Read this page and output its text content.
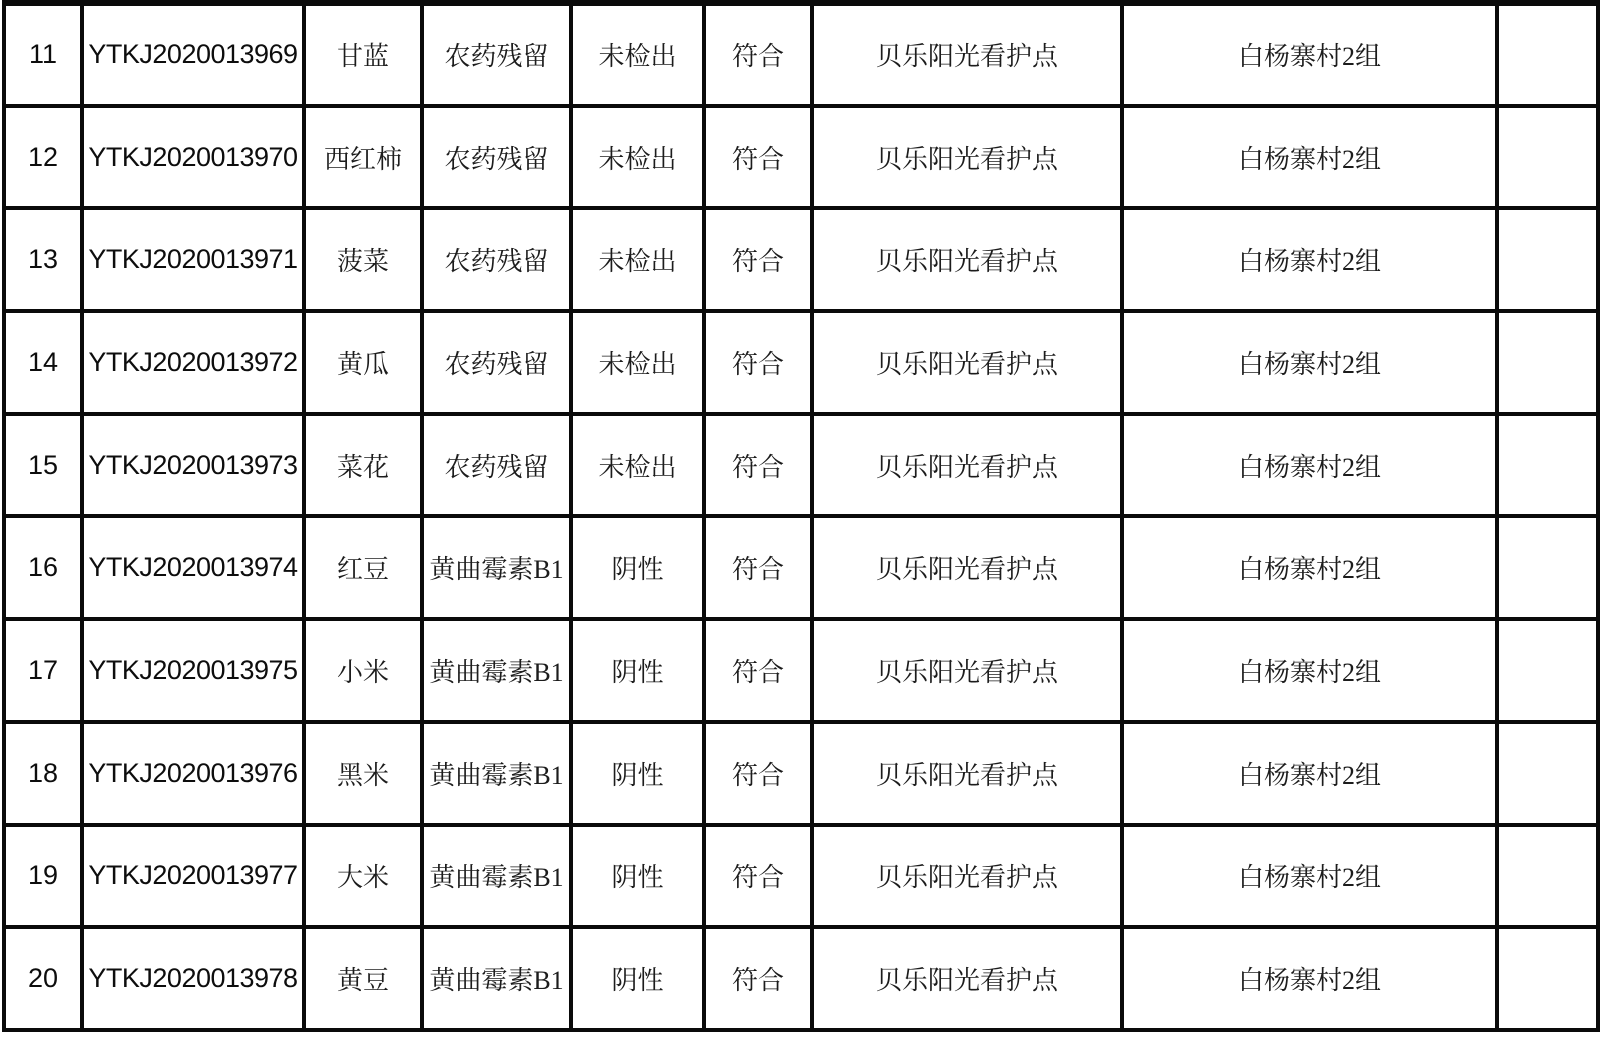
11	YTKJ2020013969	甘蓝	农药残留	未检出	符合	贝乐阳光看护点	白杨寨村2组	
12	YTKJ2020013970	西红柿	农药残留	未检出	符合	贝乐阳光看护点	白杨寨村2组	
13	YTKJ2020013971	菠菜	农药残留	未检出	符合	贝乐阳光看护点	白杨寨村2组	
14	YTKJ2020013972	黄瓜	农药残留	未检出	符合	贝乐阳光看护点	白杨寨村2组	
15	YTKJ2020013973	菜花	农药残留	未检出	符合	贝乐阳光看护点	白杨寨村2组	
16	YTKJ2020013974	红豆	黄曲霉素B1	阴性	符合	贝乐阳光看护点	白杨寨村2组	
17	YTKJ2020013975	小米	黄曲霉素B1	阴性	符合	贝乐阳光看护点	白杨寨村2组	
18	YTKJ2020013976	黑米	黄曲霉素B1	阴性	符合	贝乐阳光看护点	白杨寨村2组	
19	YTKJ2020013977	大米	黄曲霉素B1	阴性	符合	贝乐阳光看护点	白杨寨村2组	
20	YTKJ2020013978	黄豆	黄曲霉素B1	阴性	符合	贝乐阳光看护点	白杨寨村2组	
